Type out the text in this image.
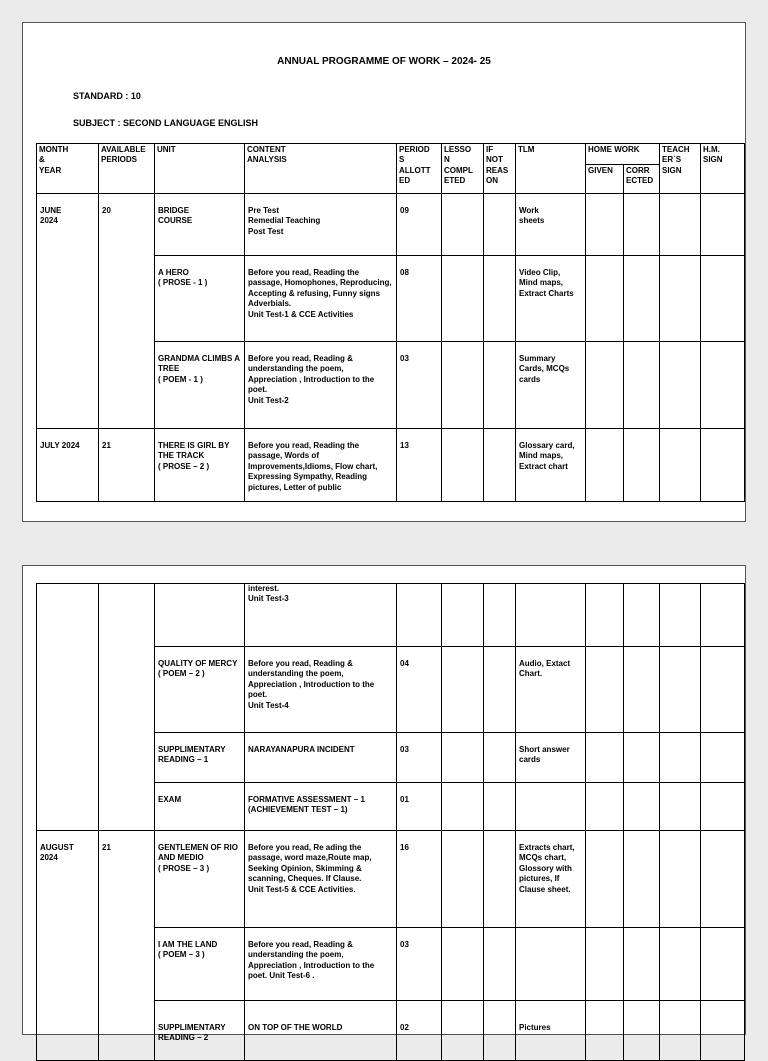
ANNUAL PROGRAMME OF WORK – 2024- 25
STANDARD : 10
SUBJECT : SECOND LANGUAGE ENGLISH
MONTH
&
YEAR	AVAILABLE
PERIODS	UNIT	CONTENT
ANALYSIS	PERIOD
S
ALLOTT
ED	LESSO
N
COMPL
ETED	IF
NOT
REAS
ON	TLM	HOME WORK		TEACH
ER`S
SIGN	H.M.
SIGN
								GIVEN	CORR
ECTED		
JUNE
2024	20	BRIDGE
COURSE	Pre Test
Remedial Teaching
Post Test	09			Work
sheets				
		A HERO
( PROSE - 1 )	Before you read, Reading the passage, Homophones, Reproducing, Accepting & refusing, Funny signs Adverbials.
Unit Test-1 & CCE Activities	08			Video Clip,
Mind maps,
Extract Charts				
		GRANDMA CLIMBS A TREE
( POEM - 1 )	Before you read, Reading & understanding the poem, Appreciation , Introduction to the poet.
Unit Test-2	03			Summary
Cards, MCQs
cards				
JULY 2024	21	THERE IS GIRL BY THE TRACK
( PROSE – 2 )	Before you read, Reading the passage, Words of Improvements,Idioms, Flow chart, Expressing Sympathy, Reading pictures, Letter of public	13			Glossary card,
Mind maps,
Extract chart				
			interest.
Unit Test-3								
		QUALITY OF MERCY
( POEM – 2 )	Before you read, Reading & understanding the poem, Appreciation , Introduction to the poet.
Unit Test-4	04			Audio, Extact
Chart.				
		SUPPLIMENTARY READING – 1	NARAYANAPURA INCIDENT	03			Short answer
cards				
		EXAM	FORMATIVE ASSESSMENT – 1
(ACHIEVEMENT TEST – 1)	01							
AUGUST
2024	21	GENTLEMEN OF RIO AND MEDIO
( PROSE – 3 )	Before you read, Re ading the passage, word maze,Route map, Seeking Opinion, Skimming & scanning, Cheques. If Clause.
Unit Test-5 & CCE Activities.	16			Extracts chart,
MCQs chart,
Glossory with
pictures, If
Clause sheet.				
		I AM THE LAND
( POEM – 3 )	Before you read, Reading & understanding the poem, Appreciation , Introduction to the poet. Unit Test-6 .	03							
		SUPPLIMENTARY READING – 2	ON TOP OF THE WORLD	02			Pictures				
